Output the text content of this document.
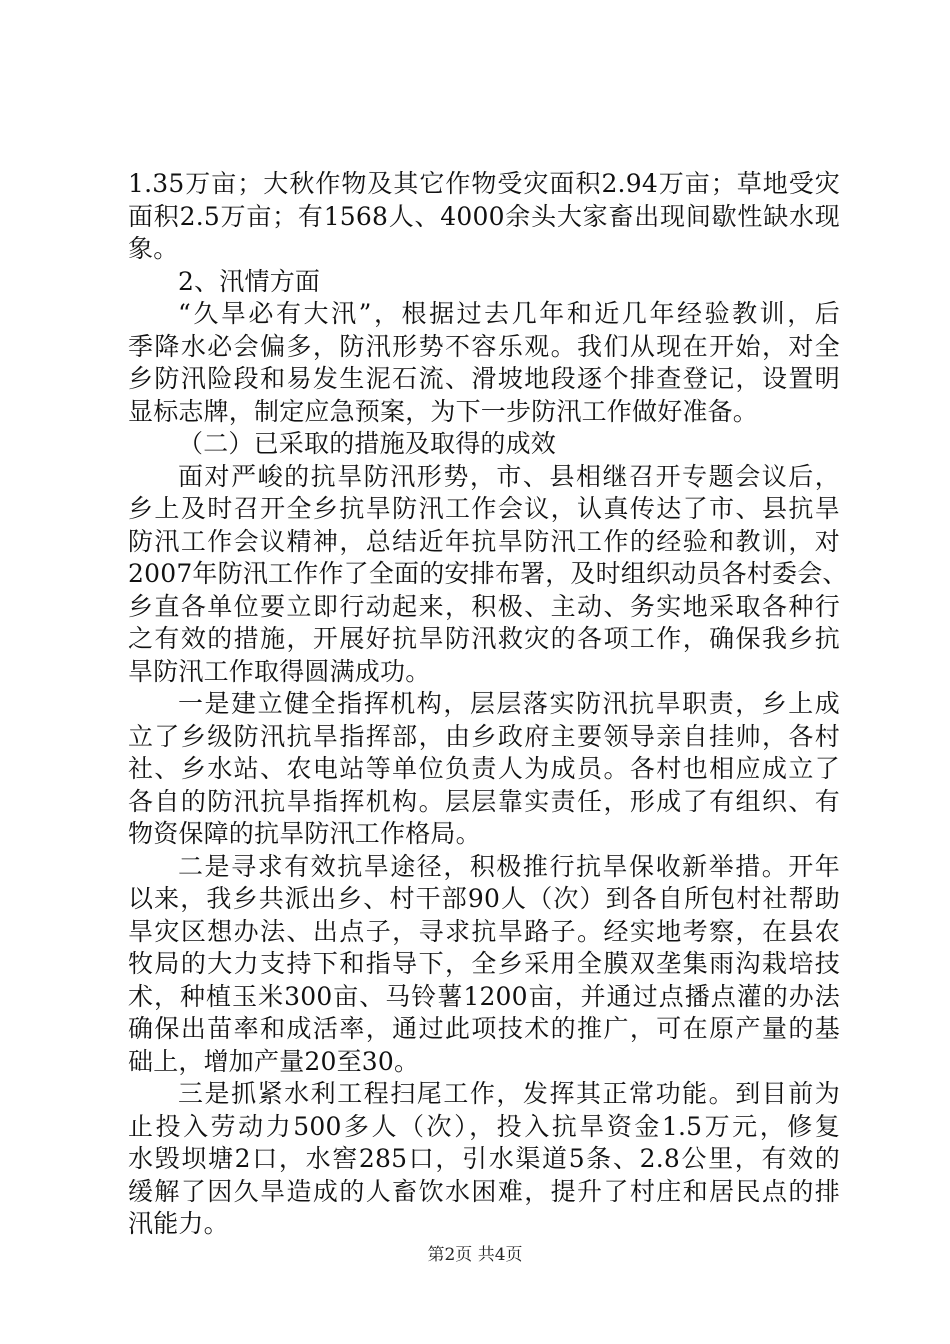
1.35万亩；大秋作物及其它作物受灾面积2.94万亩；草地受灾
面积2.5万亩；有1568人、4000余头大家畜出现间歇性缺水现
象。
2、汛情方面
“久旱必有大汛”，根据过去几年和近几年经验教训，后
季降水必会偏多，防汛形势不容乐观。我们从现在开始，对全
乡防汛险段和易发生泥石流、滑坡地段逐个排查登记，设置明
显标志牌，制定应急预案，为下一步防汛工作做好准备。
（二）已采取的措施及取得的成效
面对严峻的抗旱防汛形势，市、县相继召开专题会议后，
乡上及时召开全乡抗旱防汛工作会议，认真传达了市、县抗旱
防汛工作会议精神，总结近年抗旱防汛工作的经验和教训，对
2007年防汛工作作了全面的安排布署，及时组织动员各村委会、
乡直各单位要立即行动起来，积极、主动、务实地采取各种行
之有效的措施，开展好抗旱防汛救灾的各项工作，确保我乡抗
旱防汛工作取得圆满成功。
一是建立健全指挥机构，层层落实防汛抗旱职责，乡上成
立了乡级防汛抗旱指挥部，由乡政府主要领导亲自挂帅，各村
社、乡水站、农电站等单位负责人为成员。各村也相应成立了
各自的防汛抗旱指挥机构。层层靠实责任，形成了有组织、有
物资保障的抗旱防汛工作格局。
二是寻求有效抗旱途径，积极推行抗旱保收新举措。开年
以来，我乡共派出乡、村干部90人（次）到各自所包村社帮助
旱灾区想办法、出点子，寻求抗旱路子。经实地考察，在县农
牧局的大力支持下和指导下，全乡采用全膜双垄集雨沟栽培技
术，种植玉米300亩、马铃薯1200亩，并通过点播点灌的办法
确保出苗率和成活率，通过此项技术的推广，可在原产量的基
础上，增加产量20至30。
三是抓紧水利工程扫尾工作，发挥其正常功能。到目前为
止投入劳动力500多人（次），投入抗旱资金1.5万元，修复
水毁坝塘2口，水窖285口，引水渠道5条、2.8公里，有效的
缓解了因久旱造成的人畜饮水困难，提升了村庄和居民点的排
汛能力。
第2页 共4页
